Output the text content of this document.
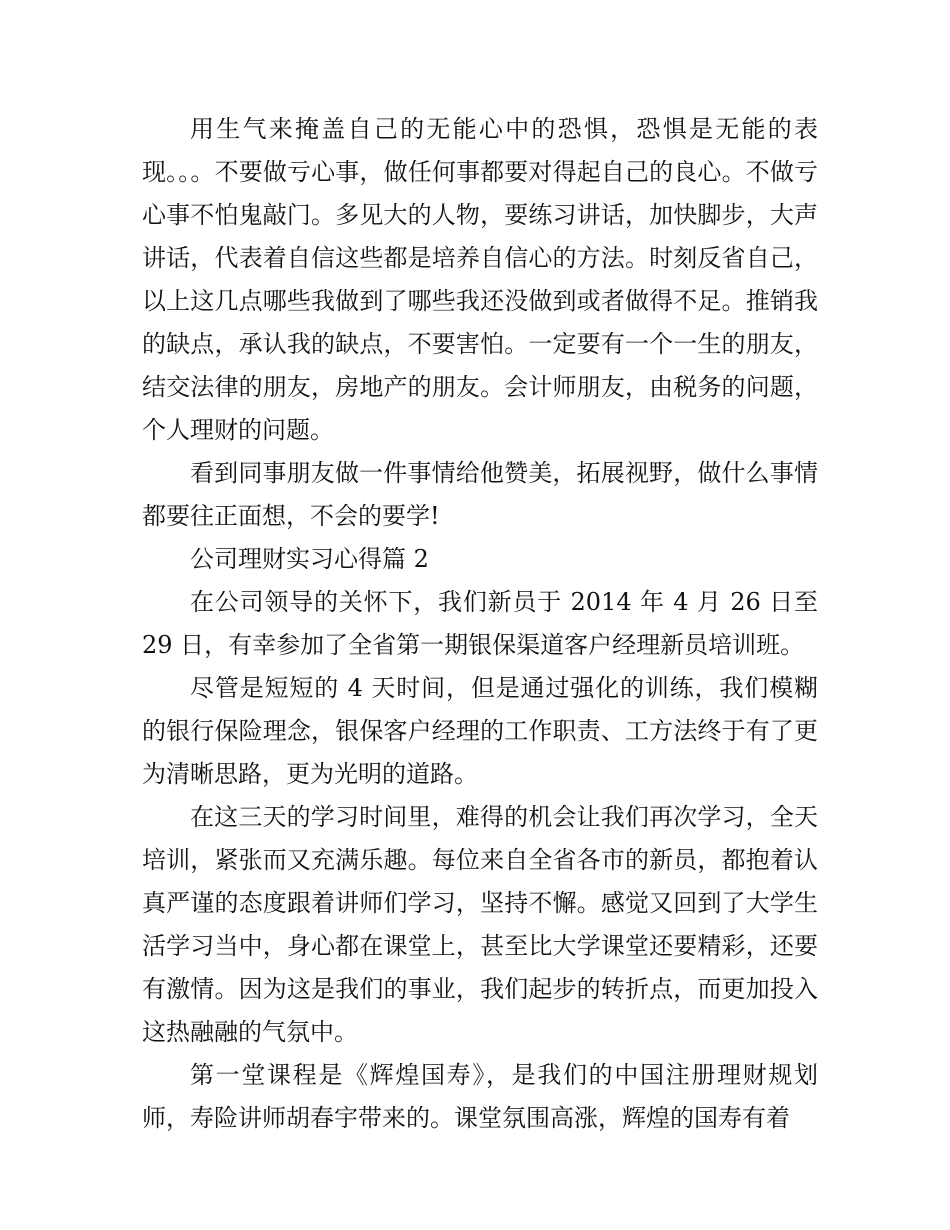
用生气来掩盖自己的无能心中的恐惧，恐惧是无能的表现。。。不要做亏心事，做任何事都要对得起自己的良心。不做亏心事不怕鬼敲门。多见大的人物，要练习讲话，加快脚步，大声讲话，代表着自信这些都是培养自信心的方法。时刻反省自己，以上这几点哪些我做到了哪些我还没做到或者做得不足。推销我的缺点，承认我的缺点，不要害怕。一定要有一个一生的朋友，结交法律的朋友，房地产的朋友。会计师朋友，由税务的问题，个人理财的问题。

看到同事朋友做一件事情给他赞美，拓展视野，做什么事情都要往正面想，不会的要学!

公司理财实习心得篇 2

在公司领导的关怀下，我们新员于 2014 年 4 月 26 日至 29 日，有幸参加了全省第一期银保渠道客户经理新员培训班。

尽管是短短的 4 天时间，但是通过强化的训练，我们模糊的银行保险理念，银保客户经理的工作职责、工方法终于有了更为清晰思路，更为光明的道路。

在这三天的学习时间里，难得的机会让我们再次学习，全天培训，紧张而又充满乐趣。每位来自全省各市的新员，都抱着认真严谨的态度跟着讲师们学习，坚持不懈。感觉又回到了大学生活学习当中，身心都在课堂上，甚至比大学课堂还要精彩，还要有激情。因为这是我们的事业，我们起步的转折点，而更加投入这热融融的气氛中。

第一堂课程是《辉煌国寿》，是我们的中国注册理财规划师，寿险讲师胡春宇带来的。课堂氛围高涨，辉煌的国寿有着
